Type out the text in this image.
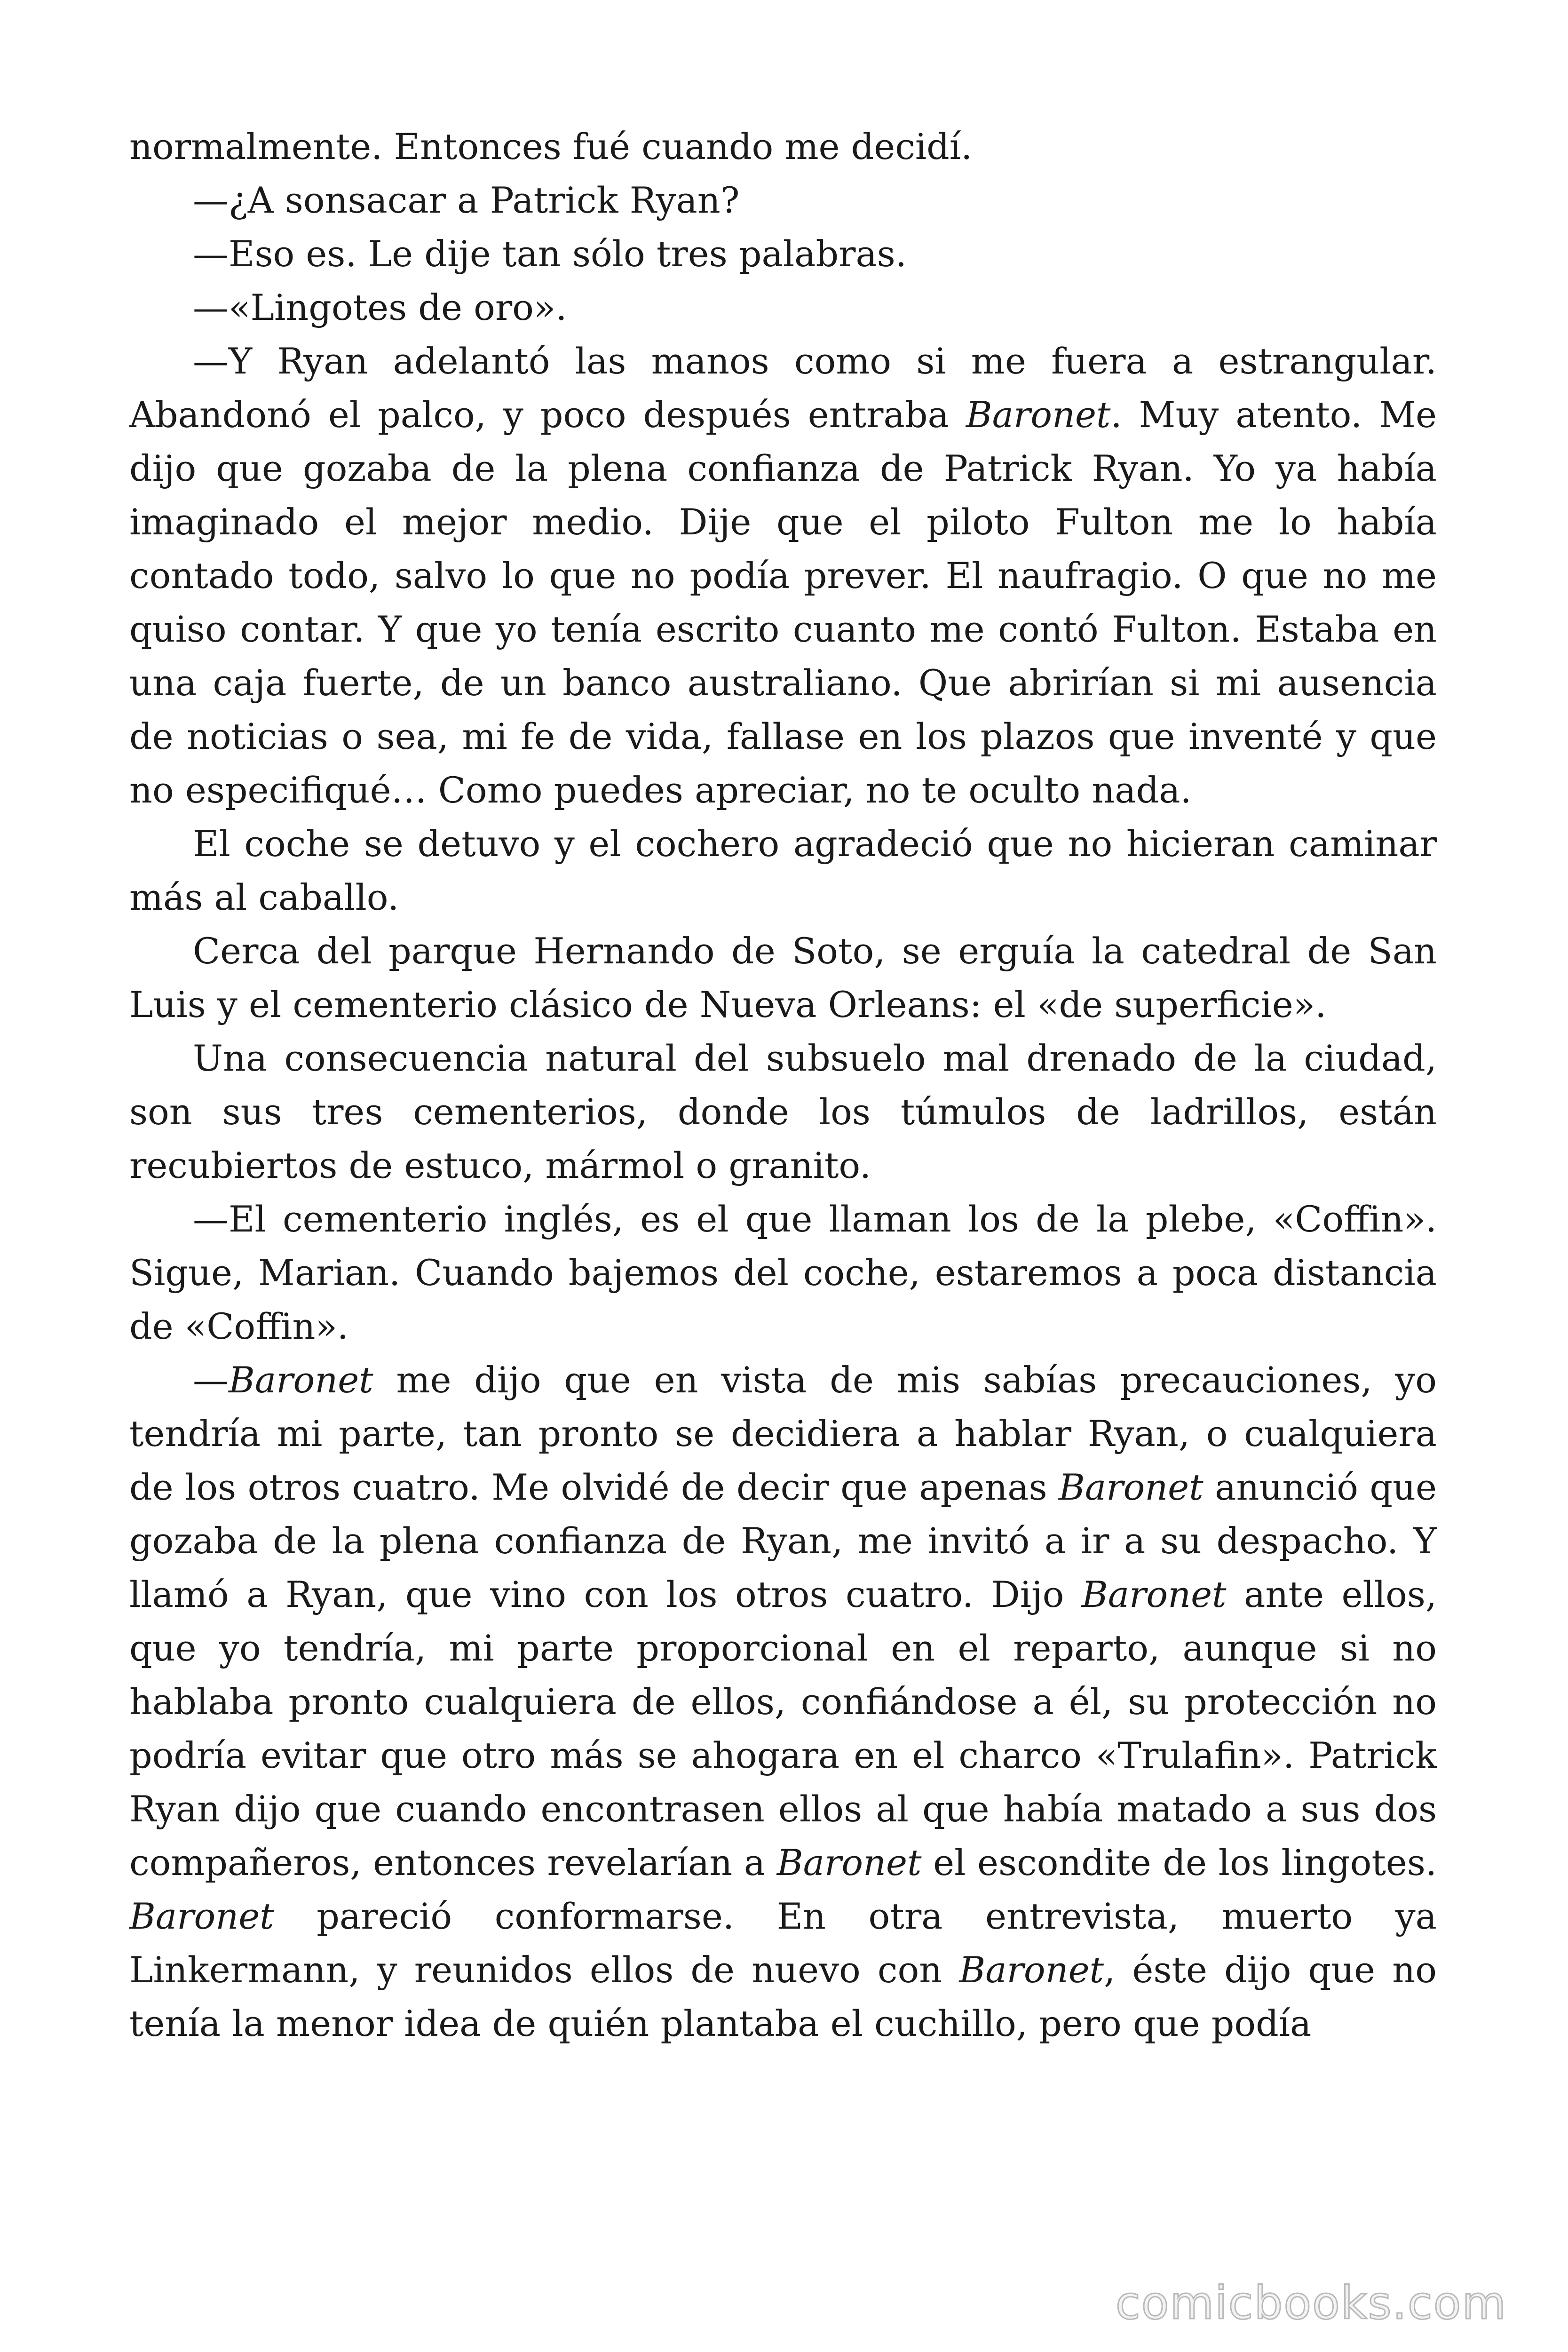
normalmente. Entonces fué cuando me decidí.

—¿A sonsacar a Patrick Ryan?

—Eso es. Le dije tan sólo tres palabras.

—«Lingotes de oro».

—Y Ryan adelantó las manos como si me fuera a estrangular. Abandonó el palco, y poco después entraba Baronet. Muy atento. Me dijo que gozaba de la plena confianza de Patrick Ryan. Yo ya había imaginado el mejor medio. Dije que el piloto Fulton me lo había contado todo, salvo lo que no podía prever. El naufragio. O que no me quiso contar. Y que yo tenía escrito cuanto me contó Fulton. Estaba en una caja fuerte, de un banco australiano. Que abrirían si mi ausencia de noticias o sea, mi fe de vida, fallase en los plazos que inventé y que no especifiqué… Como puedes apreciar, no te oculto nada.

El coche se detuvo y el cochero agradeció que no hicieran caminar más al caballo.

Cerca del parque Hernando de Soto, se erguía la catedral de San Luis y el cementerio clásico de Nueva Orleans: el «de superficie».

Una consecuencia natural del subsuelo mal drenado de la ciudad, son sus tres cementerios, donde los túmulos de ladrillos, están recubiertos de estuco, mármol o granito.

—El cementerio inglés, es el que llaman los de la plebe, «Coffin». Sigue, Marian. Cuando bajemos del coche, estaremos a poca distancia de «Coffin».

—Baronet me dijo que en vista de mis sabías precauciones, yo tendría mi parte, tan pronto se decidiera a hablar Ryan, o cualquiera de los otros cuatro. Me olvidé de decir que apenas Baronet anunció que gozaba de la plena confianza de Ryan, me invitó a ir a su despacho. Y llamó a Ryan, que vino con los otros cuatro. Dijo Baronet ante ellos, que yo tendría, mi parte proporcional en el reparto, aunque si no hablaba pronto cualquiera de ellos, confiándose a él, su protección no podría evitar que otro más se ahogara en el charco «Trulafin». Patrick Ryan dijo que cuando encontrasen ellos al que había matado a sus dos compañeros, entonces revelarían a Baronet el escondite de los lingotes. Baronet pareció conformarse. En otra entrevista, muerto ya Linkermann, y reunidos ellos de nuevo con Baronet, éste dijo que no tenía la menor idea de quién plantaba el cuchillo, pero que podía

comicbooks.com
